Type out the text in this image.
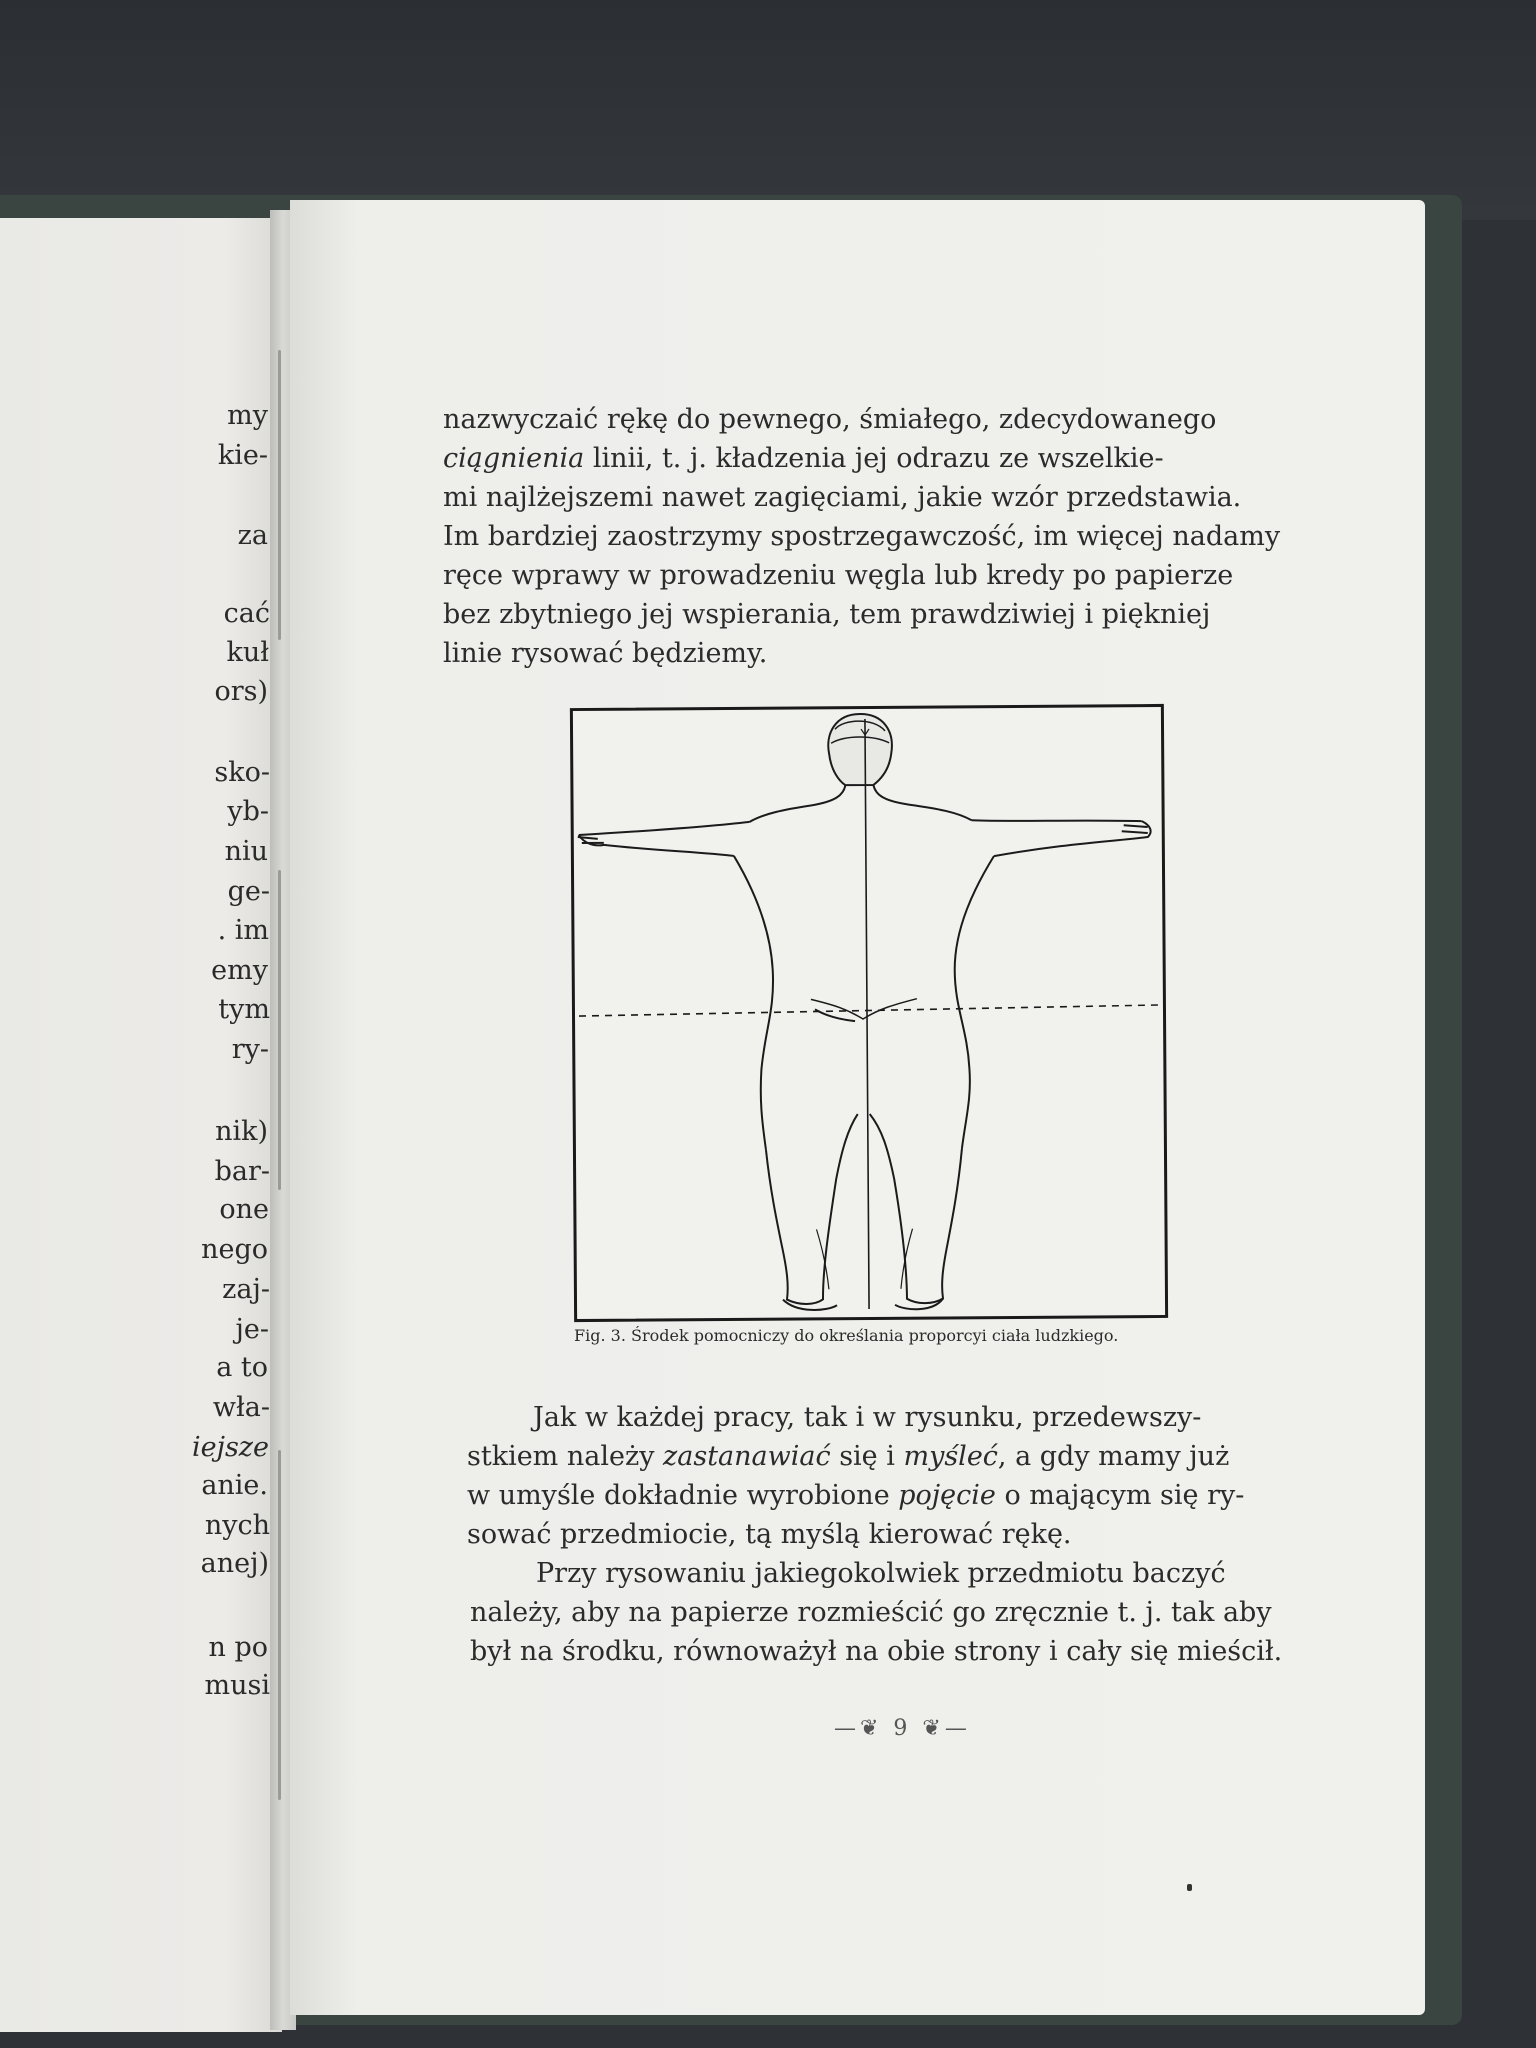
my
kie-
za
cać
kuł
ors)
sko-
yb-
niu
ge-
. im
emy
tym
ry-
nik)
bar-
one
nego
zaj-
je-
a to
wła-
iejsze
anie.
nych
anej)
n po
musi
nazwyczaić rękę do pewnego, śmiałego, zdecydowanego
ciągnienia linii, t. j. kładzenia jej odrazu ze wszelkie-
mi najlżejszemi nawet zagięciami, jakie wzór przedstawia.
Im bardziej zaostrzymy spostrzegawczość, im więcej nadamy
ręce wprawy w prowadzeniu węgla lub kredy po papierze
bez zbytniego jej wspierania, tem prawdziwiej i piękniej
linie rysować będziemy.
Fig. 3. Środek pomocniczy do określania proporcyi ciała ludzkiego.
Jak w każdej pracy, tak i w rysunku, przedewszy-
stkiem należy zastanawiać się i myśleć, a gdy mamy już
w umyśle dokładnie wyrobione pojęcie o mającym się ry-
sować przedmiocie, tą myślą kierować rękę.
Przy rysowaniu jakiegokolwiek przedmiotu baczyć
należy, aby na papierze rozmieścić go zręcznie t. j. tak aby
był na środku, równoważył na obie strony i cały się mieścił.
—❦ 9 ❦—
